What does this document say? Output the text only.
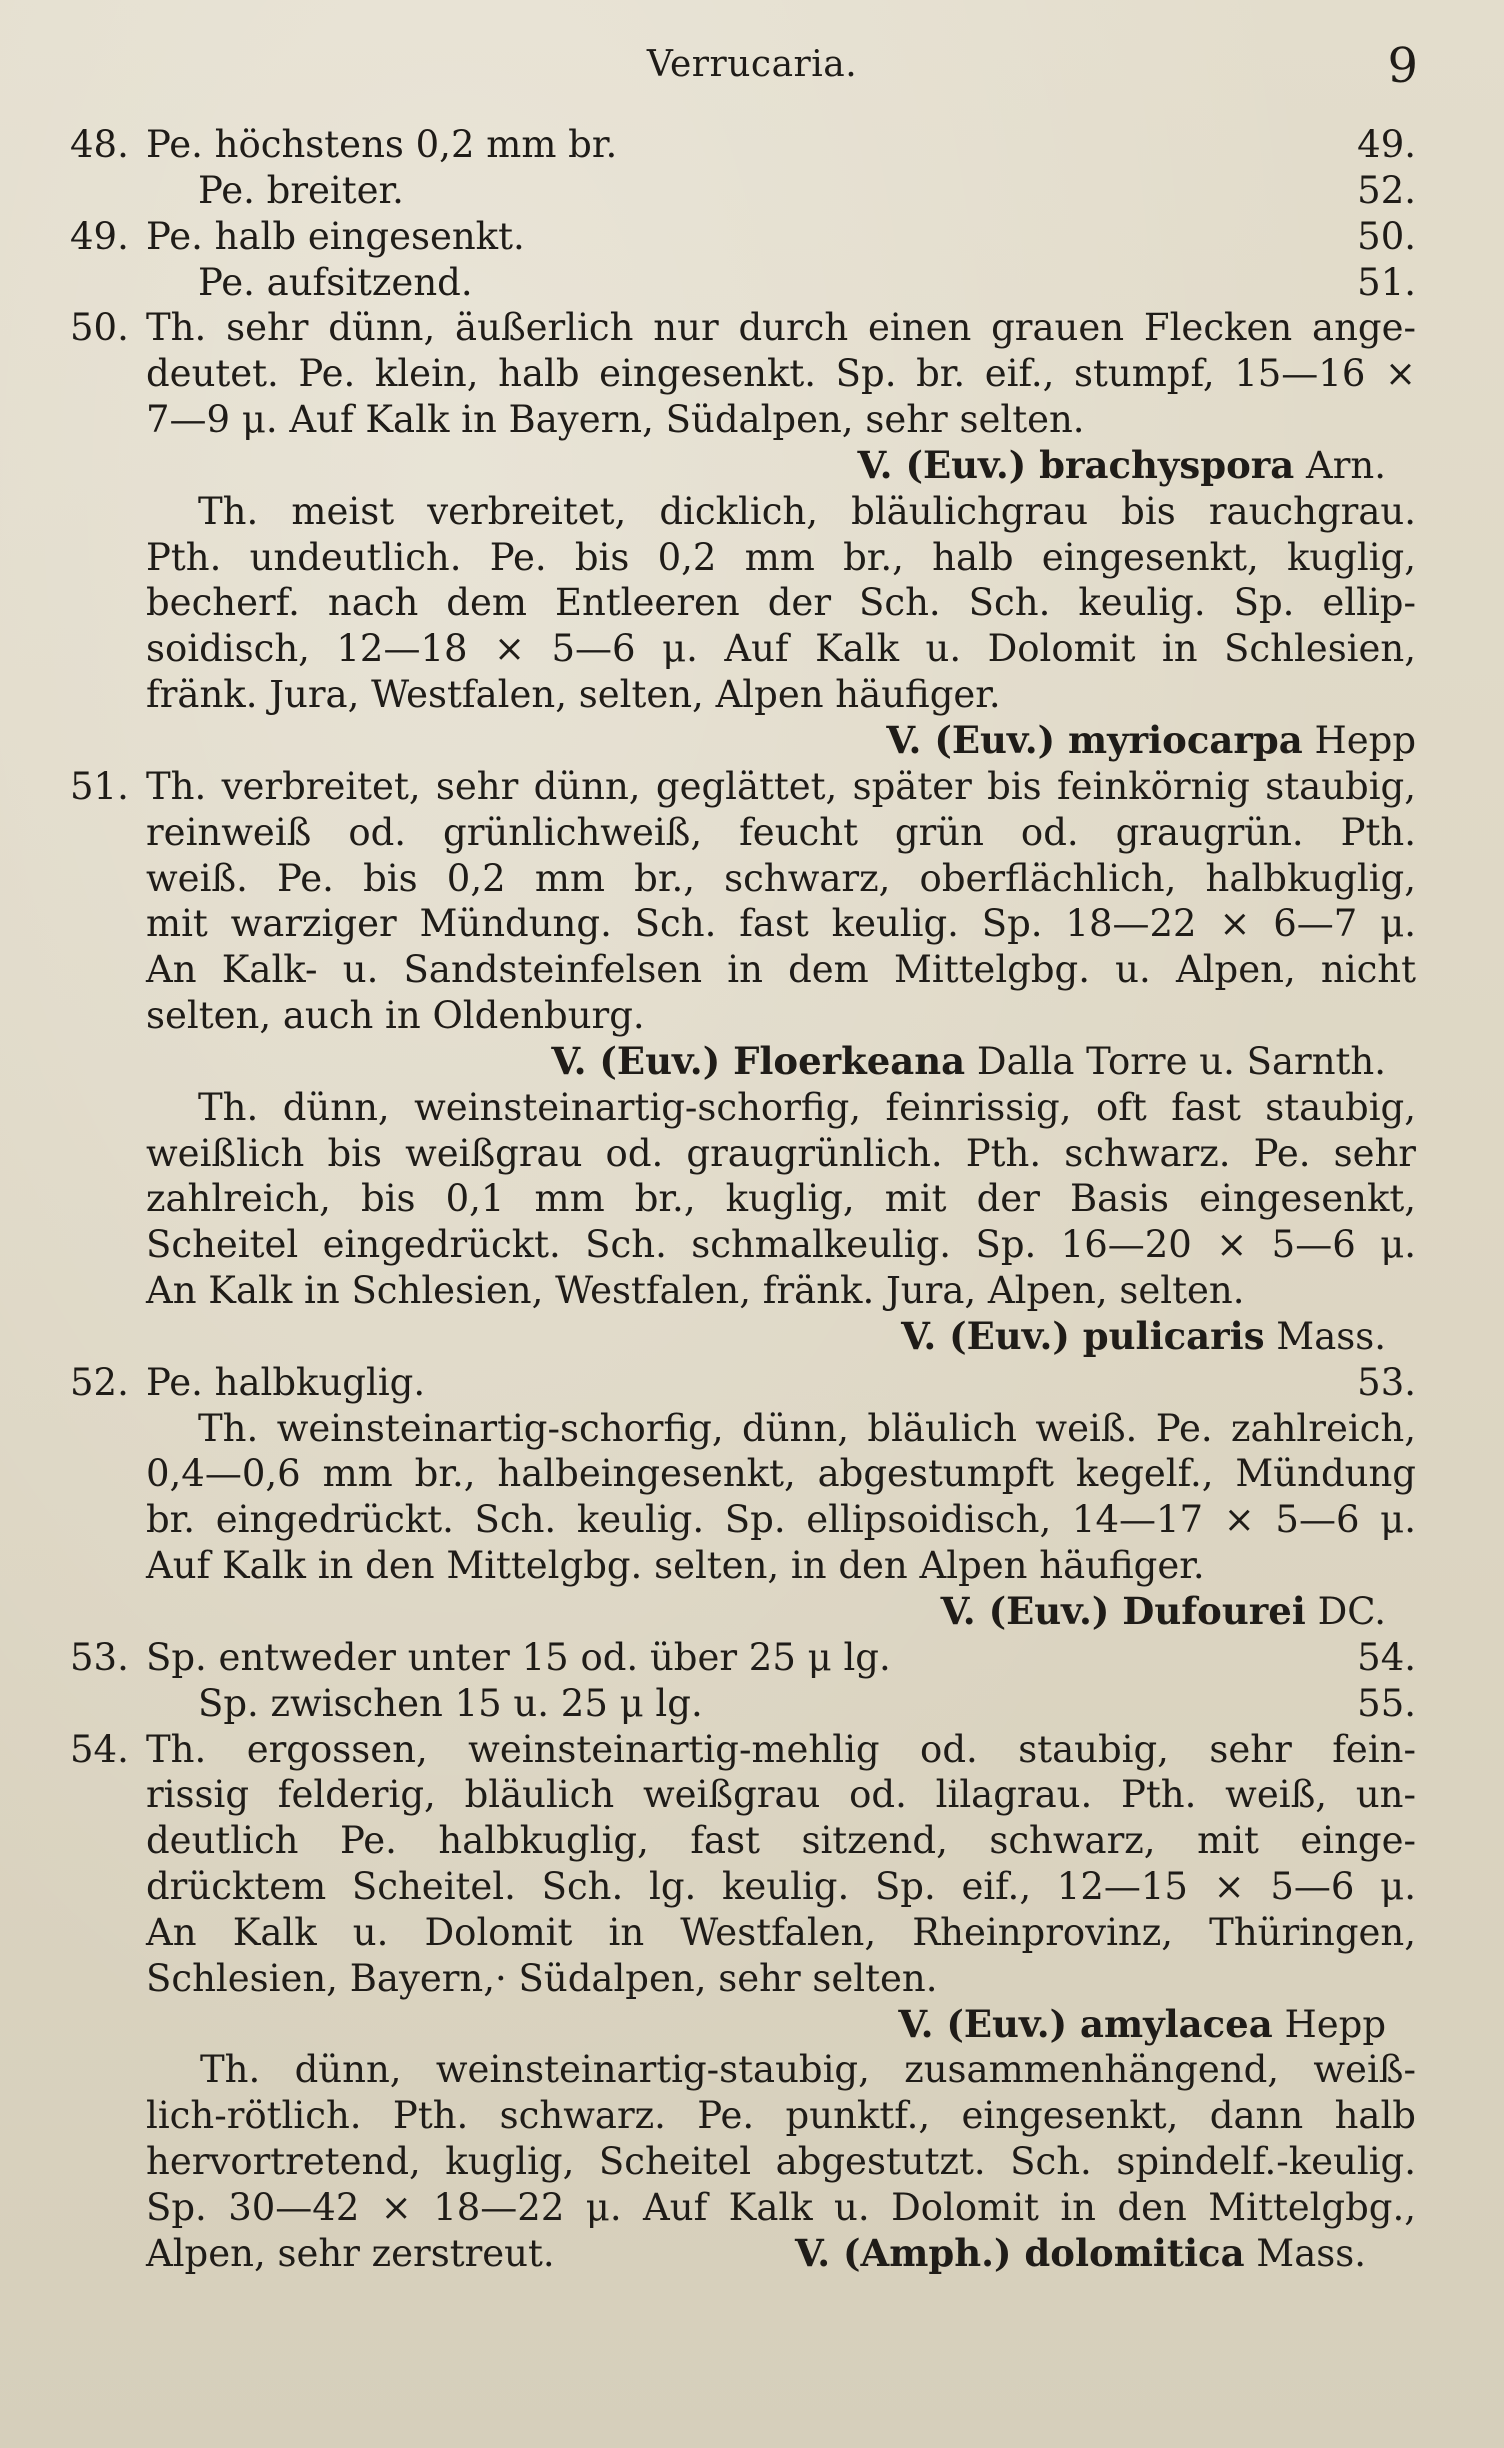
Verrucaria.	9
48. Pe. höchstens 0,2 mm br.	49.
Pe. breiter.	52.
49. Pe. halb eingesenkt.	50.
Pe. aufsitzend.	51.
50. Th. sehr dünn, äußerlich nur durch einen grauen Flecken ange-
deutet. Pe. klein, halb eingesenkt. Sp. br. eif., stumpf, 15—16 ×
7—9 μ. Auf Kalk in Bayern, Südalpen, sehr selten.
V. (Euv.) brachyspora Arn.
Th. meist verbreitet, dicklich, bläulichgrau bis rauchgrau.
Pth. undeutlich. Pe. bis 0,2 mm br., halb eingesenkt, kuglig,
becherf. nach dem Entleeren der Sch. Sch. keulig. Sp. ellip-
soidisch, 12—18 × 5—6 μ. Auf Kalk u. Dolomit in Schlesien,
fränk. Jura, Westfalen, selten, Alpen häufiger.
V. (Euv.) myriocarpa Hepp
51. Th. verbreitet, sehr dünn, geglättet, später bis feinkörnig staubig,
reinweiß od. grünlichweiß, feucht grün od. graugrün. Pth.
weiß. Pe. bis 0,2 mm br., schwarz, oberflächlich, halbkuglig,
mit warziger Mündung. Sch. fast keulig. Sp. 18—22 × 6—7 μ.
An Kalk- u. Sandsteinfelsen in dem Mittelgbg. u. Alpen, nicht
selten, auch in Oldenburg.
V. (Euv.) Floerkeana Dalla Torre u. Sarnth.
Th. dünn, weinsteinartig-schorfig, feinrissig, oft fast staubig,
weißlich bis weißgrau od. graugrünlich. Pth. schwarz. Pe. sehr
zahlreich, bis 0,1 mm br., kuglig, mit der Basis eingesenkt,
Scheitel eingedrückt. Sch. schmalkeulig. Sp. 16—20 × 5—6 μ.
An Kalk in Schlesien, Westfalen, fränk. Jura, Alpen, selten.
V. (Euv.) pulicaris Mass.
52. Pe. halbkuglig.	53.
Th. weinsteinartig-schorfig, dünn, bläulich weiß. Pe. zahlreich,
0,4—0,6 mm br., halbeingesenkt, abgestumpft kegelf., Mündung
br. eingedrückt. Sch. keulig. Sp. ellipsoidisch, 14—17 × 5—6 μ.
Auf Kalk in den Mittelgbg. selten, in den Alpen häufiger.
V. (Euv.) Dufourei DC.
53. Sp. entweder unter 15 od. über 25 μ lg.	54.
Sp. zwischen 15 u. 25 μ lg.	55.
54. Th. ergossen, weinsteinartig-mehlig od. staubig, sehr fein-
rissig felderig, bläulich weißgrau od. lilagrau. Pth. weiß, un-
deutlich Pe. halbkuglig, fast sitzend, schwarz, mit einge-
drücktem Scheitel. Sch. lg. keulig. Sp. eif., 12—15 × 5—6 μ.
An Kalk u. Dolomit in Westfalen, Rheinprovinz, Thüringen,
Schlesien, Bayern,· Südalpen, sehr selten.
V. (Euv.) amylacea Hepp
Th. dünn, weinsteinartig-staubig, zusammenhängend, weiß-
lich-rötlich. Pth. schwarz. Pe. punktf., eingesenkt, dann halb
hervortretend, kuglig, Scheitel abgestutzt. Sch. spindelf.-keulig.
Sp. 30—42 × 18—22 μ. Auf Kalk u. Dolomit in den Mittelgbg.,
Alpen, sehr zerstreut.	V. (Amph.) dolomitica Mass.
